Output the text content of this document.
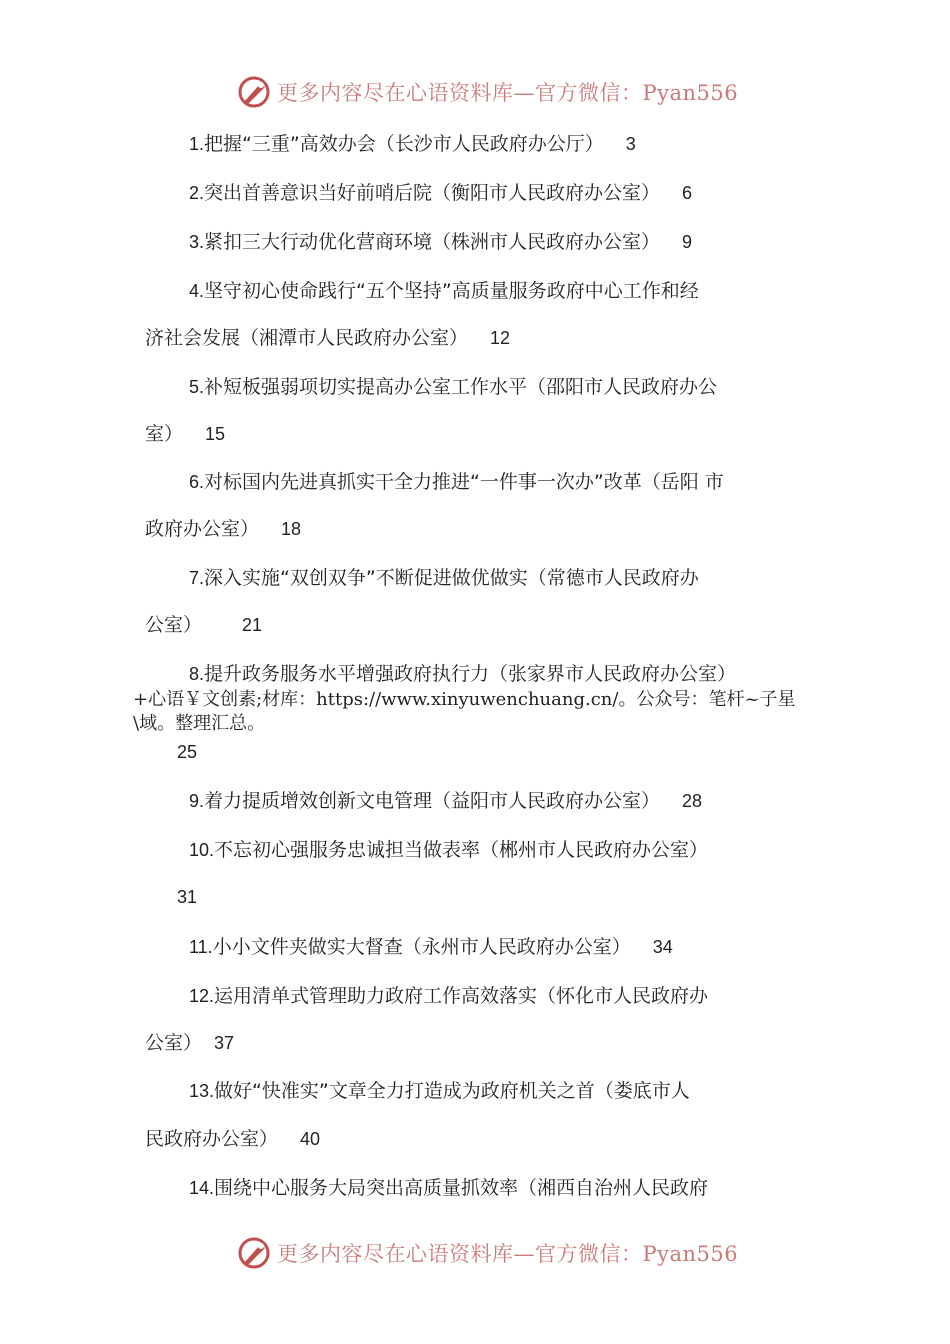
更多内容尽在心语资料库—官方微信：Pyan556
1.把握“三重”高效办会（长沙市人民政府办公厅） 3
2.突出首善意识当好前哨后院（衡阳市人民政府办公室） 6
3.紧扣三大行动优化营商环境（株洲市人民政府办公室） 9
4.坚守初心使命践行“五个坚持”高质量服务政府中心工作和经
济社会发展（湘潭市人民政府办公室） 12
5.补短板强弱项切实提高办公室工作水平（邵阳市人民政府办公
室） 15
6.对标国内先进真抓实干全力推进“一件事一次办”改革（岳阳 市
政府办公室） 18
7.深入实施“双创双争”不断促进做优做实（常德市人民政府办
公室） 21
8.提升政务服务水平增强政府执行力（张家界市人民政府办公室）
+心语￥文创素;材库：https://www.xinyuwenchuang.cn/。公众号：笔杆~子星\域。整理汇总。
25
9.着力提质增效创新文电管理（益阳市人民政府办公室） 28
10.不忘初心强服务忠诚担当做表率（郴州市人民政府办公室）
31
11.小小文件夹做实大督查（永州市人民政府办公室） 34
12.运用清单式管理助力政府工作高效落实（怀化市人民政府办
公室） 37
13.做好“快准实”文章全力打造成为政府机关之首（娄底市人
民政府办公室） 40
14.围绕中心服务大局突出高质量抓效率（湘西自治州人民政府
更多内容尽在心语资料库—官方微信：Pyan556
